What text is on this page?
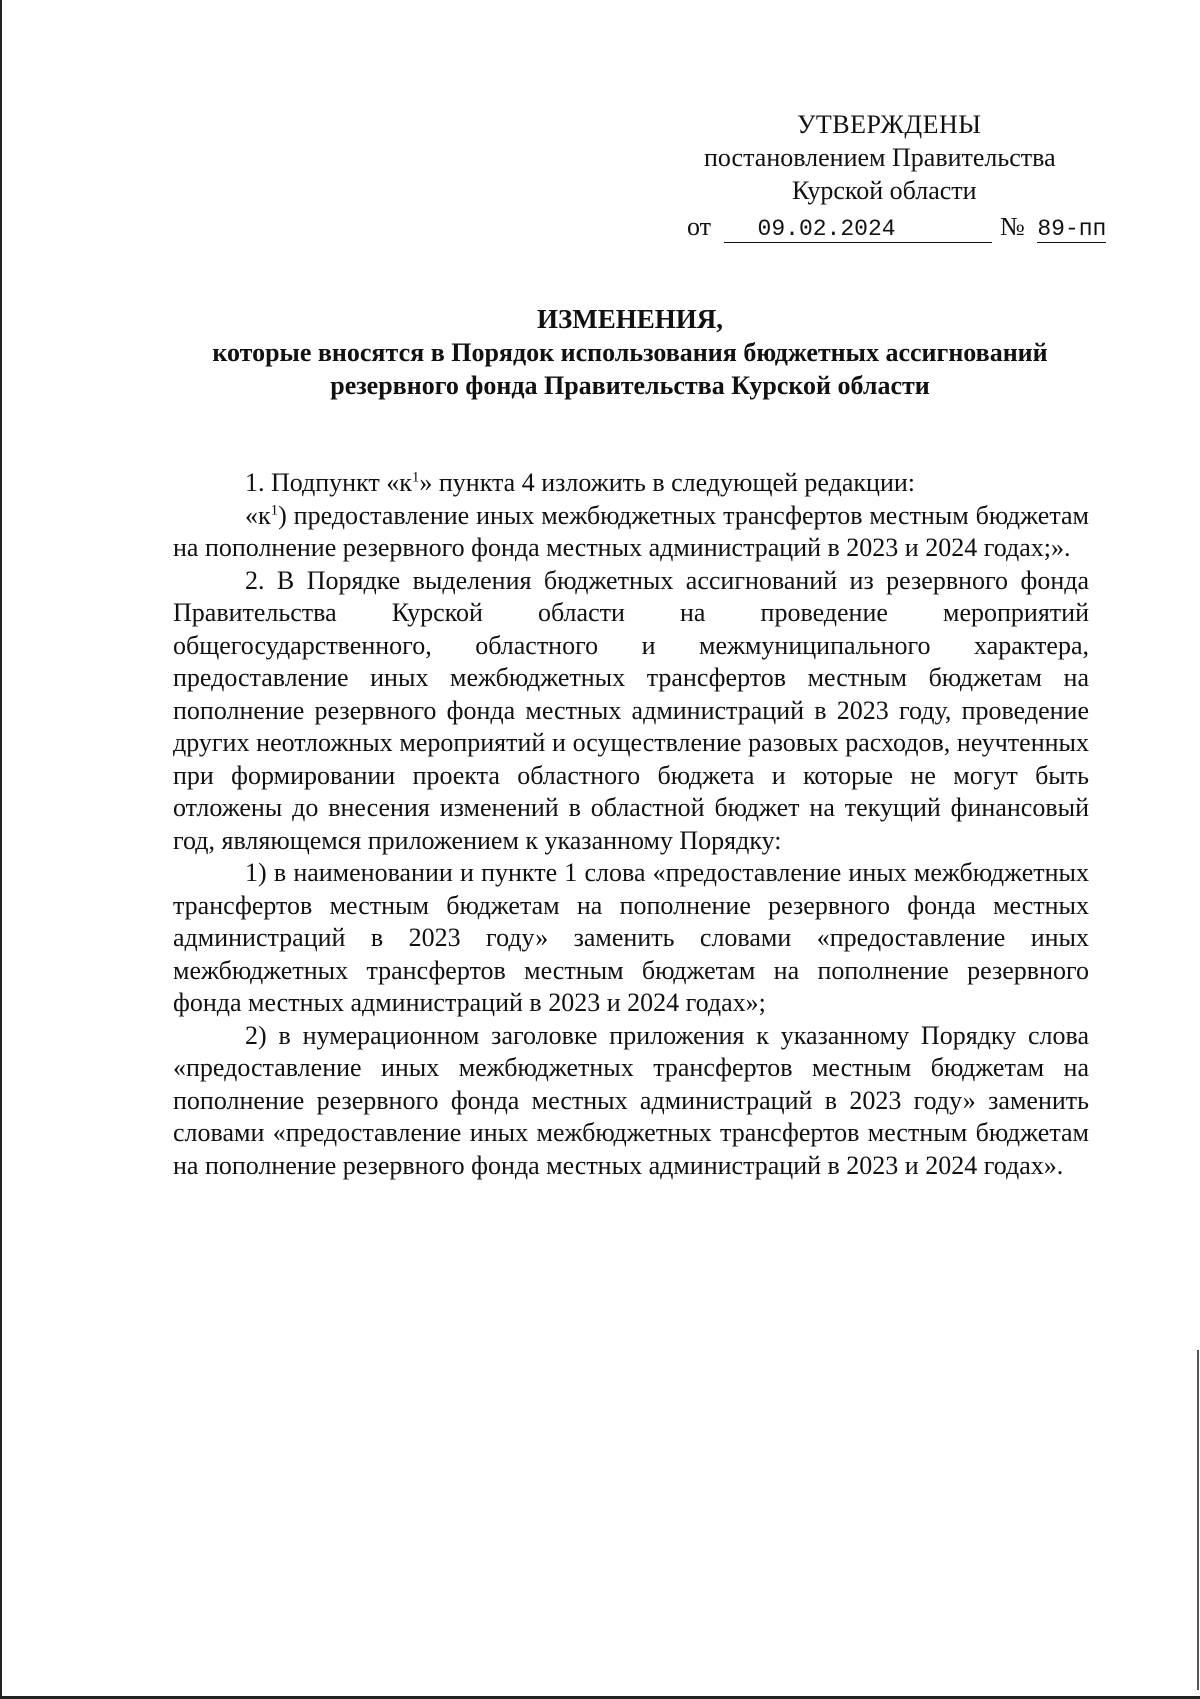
УТВЕРЖДЕНЫ
постановлением Правительства
Курской области
от 09.02.2024	№ 89-пп
ИЗМЕНЕНИЯ,
которые вносятся в Порядок использования бюджетных ассигнований
резервного фонда Правительства Курской области

1. Подпункт «$к^1$» пункта 4 изложить в следующей редакции:

«$к^1$) предоставление иных межбюджетных трансфертов местным бюджетам на пополнение резервного фонда местных администраций в 2023 и 2024 годах;».

2. В Порядке выделения бюджетных ассигнований из резервного фонда Правительства Курской области на проведение мероприятий общегосударственного, областного и межмуниципального характера, предоставление иных межбюджетных трансфертов местным бюджетам на пополнение резервного фонда местных администраций в 2023 году, проведение других неотложных мероприятий и осуществление разовых расходов, неучтенных при формировании проекта областного бюджета и которые не могут быть отложены до внесения изменений в областной бюджет на текущий финансовый год, являющемся приложением к указанному Порядку:

1) в наименовании и пункте 1 слова «предоставление иных межбюджетных трансфертов местным бюджетам на пополнение резервного фонда местных администраций в 2023 году» заменить словами «предоставление иных межбюджетных трансфертов местным бюджетам на пополнение резервного фонда местных администраций в 2023 и 2024 годах»;

2) в нумерационном заголовке приложения к указанному Порядку слова «предоставление иных межбюджетных трансфертов местным бюджетам на пополнение резервного фонда местных администраций в 2023 году» заменить словами «предоставление иных межбюджетных трансфертов местным бюджетам на пополнение резервного фонда местных администраций в 2023 и 2024 годах».
